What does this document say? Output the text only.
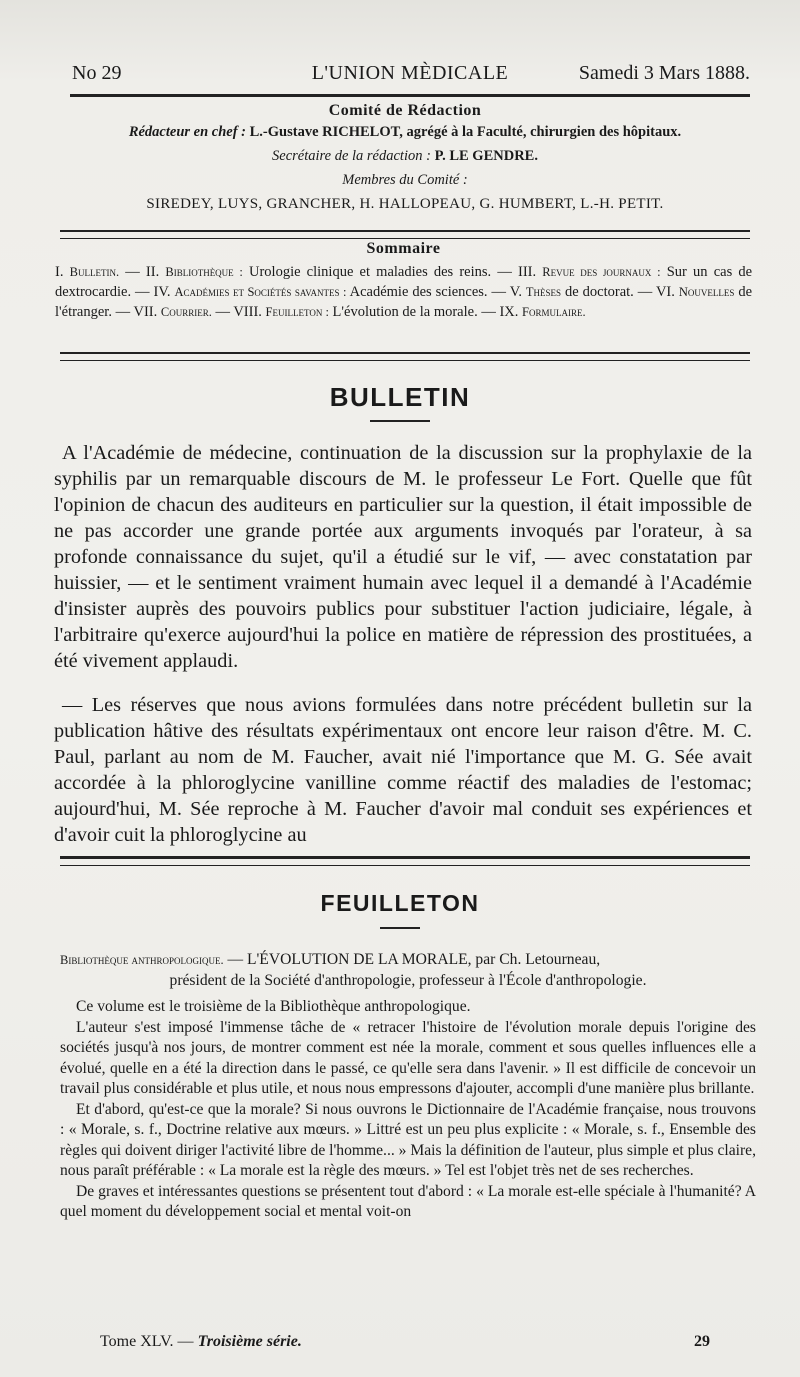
No 29	L'UNION MÈDICALE	Samedi 3 Mars 1888.
Comité de Rédaction
Rédacteur en chef : L.-Gustave RICHELOT, agrégé à la Faculté, chirurgien des hôpitaux.
Secrétaire de la rédaction : P. LE GENDRE.
Membres du Comité :
SIREDEY, LUYS, GRANCHER, H. HALLOPEAU, G. HUMBERT, L.-H. PETIT.
Sommaire
I. Bulletin. — II. Bibliothèque : Urologie clinique et maladies des reins. — III. Revue des journaux : Sur un cas de dextrocardie. — IV. Académies et Sociétés savantes : Académie des sciences. — V. Thèses de doctorat. — VI. Nouvelles de l'étranger. — VII. Courrier. — VIII. Feuilleton : L'évolution de la morale. — IX. Formulaire.
BULLETIN

A l'Académie de médecine, continuation de la discussion sur la prophylaxie de la syphilis par un remarquable discours de M. le professeur Le Fort. Quelle que fût l'opinion de chacun des auditeurs en particulier sur la question, il était impossible de ne pas accorder une grande portée aux arguments invoqués par l'orateur, à sa profonde connaissance du sujet, qu'il a étudié sur le vif, — avec constatation par huissier, — et le sentiment vraiment humain avec lequel il a demandé à l'Académie d'insister auprès des pouvoirs publics pour substituer l'action judiciaire, légale, à l'arbitraire qu'exerce aujourd'hui la police en matière de répression des prostituées, a été vivement applaudi.

— Les réserves que nous avions formulées dans notre précédent bulletin sur la publication hâtive des résultats expérimentaux ont encore leur raison d'être. M. C. Paul, parlant au nom de M. Faucher, avait nié l'importance que M. G. Sée avait accordée à la phloroglycine vanilline comme réactif des maladies de l'estomac; aujourd'hui, M. Sée reproche à M. Faucher d'avoir mal conduit ses expériences et d'avoir cuit la phloroglycine au

FEUILLETON

Bibliothèque anthropologique. — L'ÉVOLUTION DE LA MORALE, par Ch. Letourneau,

président de la Société d'anthropologie, professeur à l'École d'anthropologie.

Ce volume est le troisième de la Bibliothèque anthropologique.

L'auteur s'est imposé l'immense tâche de « retracer l'histoire de l'évolution morale depuis l'origine des sociétés jusqu'à nos jours, de montrer comment est née la morale, comment et sous quelles influences elle a évolué, quelle en a été la direction dans le passé, ce qu'elle sera dans l'avenir. » Il est difficile de concevoir un travail plus considérable et plus utile, et nous nous empressons d'ajouter, accompli d'une manière plus brillante.

Et d'abord, qu'est-ce que la morale? Si nous ouvrons le Dictionnaire de l'Académie française, nous trouvons : « Morale, s. f., Doctrine relative aux mœurs. » Littré est un peu plus explicite : « Morale, s. f., Ensemble des règles qui doivent diriger l'activité libre de l'homme... » Mais la définition de l'auteur, plus simple et plus claire, nous paraît préférable : « La morale est la règle des mœurs. » Tel est l'objet très net de ses recherches.

De graves et intéressantes questions se présentent tout d'abord : « La morale est-elle spéciale à l'humanité? A quel moment du développement social et mental voit-on

Tome XLV. — Troisième série.	29
